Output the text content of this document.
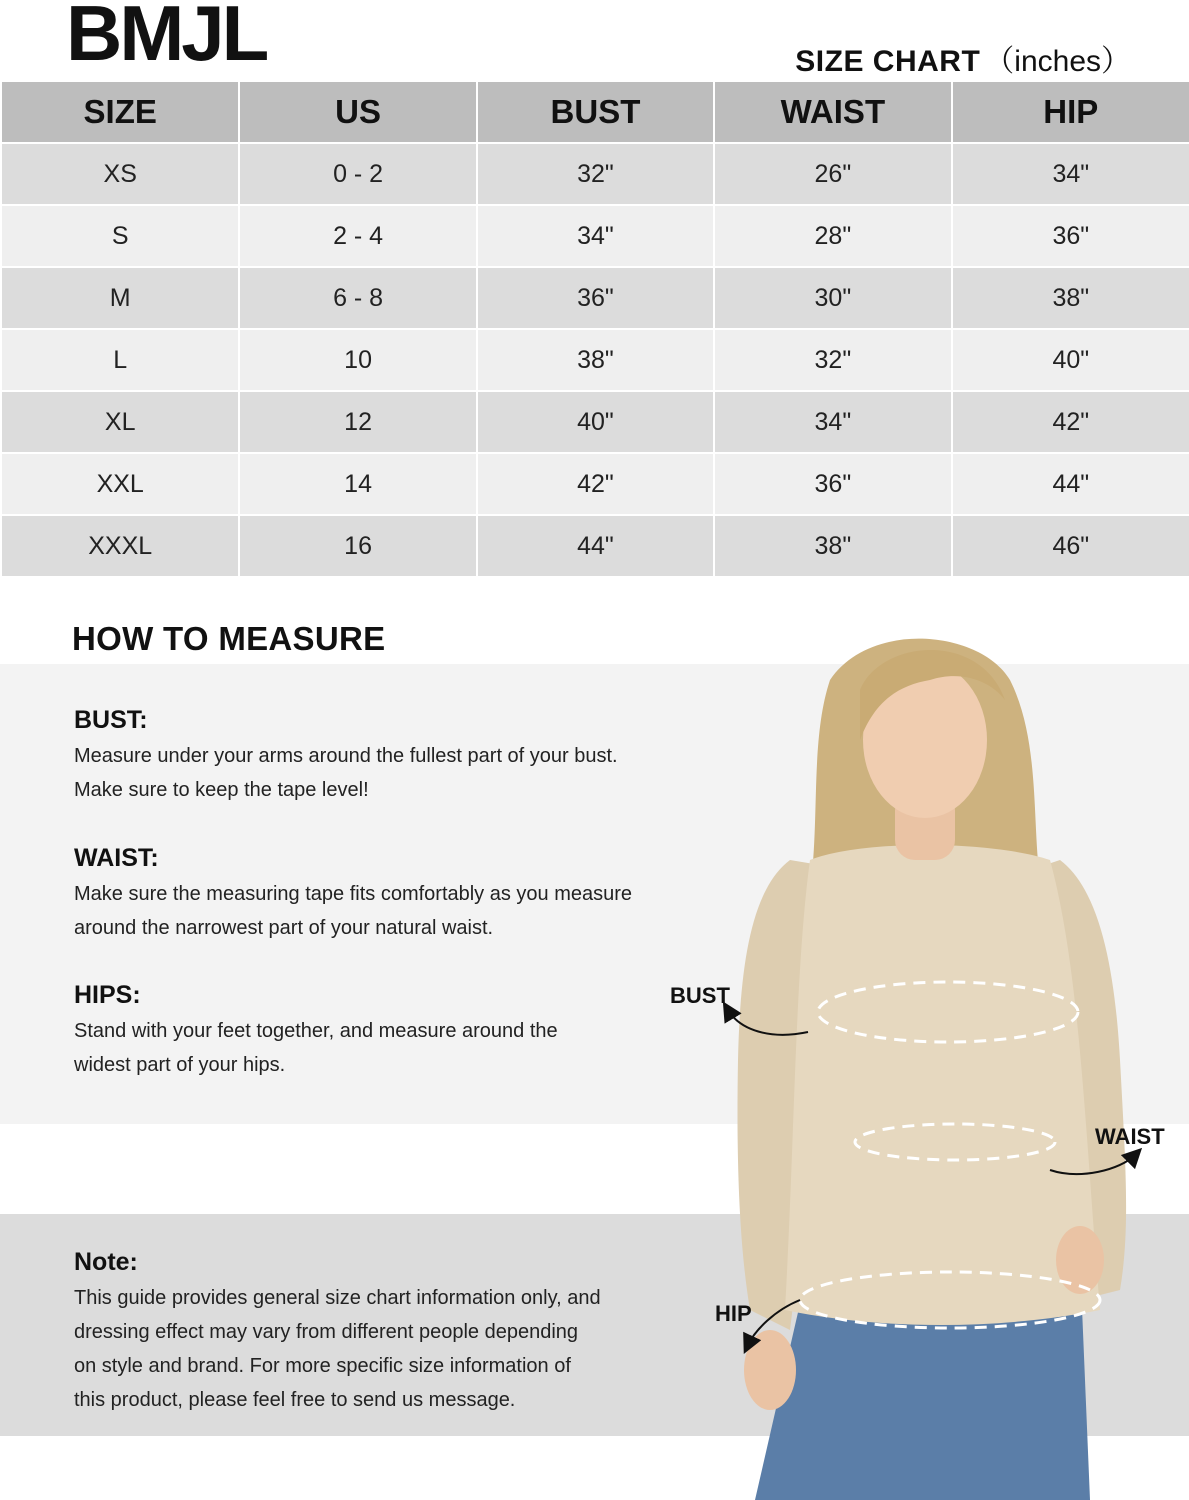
BMJL	SIZE CHART （inches）
SIZE	US	BUST	WAIST	HIP
XS	0 - 2	32"	26"	34"
S	2 - 4	34"	28"	36"
M	6 - 8	36"	30"	38"
L	10	38"	32"	40"
XL	12	40"	34"	42"
XXL	14	42"	36"	44"
XXXL	16	44"	38"	46"
HOW TO MEASURE
BUST:

Measure under your arms around the fullest part of your bust.

Make sure to keep the tape level!

WAIST:

Make sure the measuring tape fits comfortably as you measure

around the narrowest part of your natural waist.

HIPS:

Stand with your feet together, and measure around the

widest part of your hips.

Note:

This guide provides general size chart information only, and

dressing effect may vary from different people depending

on style and brand. For more specific size information of

this product, please feel free to send us message.

BUST
WAIST
HIP
